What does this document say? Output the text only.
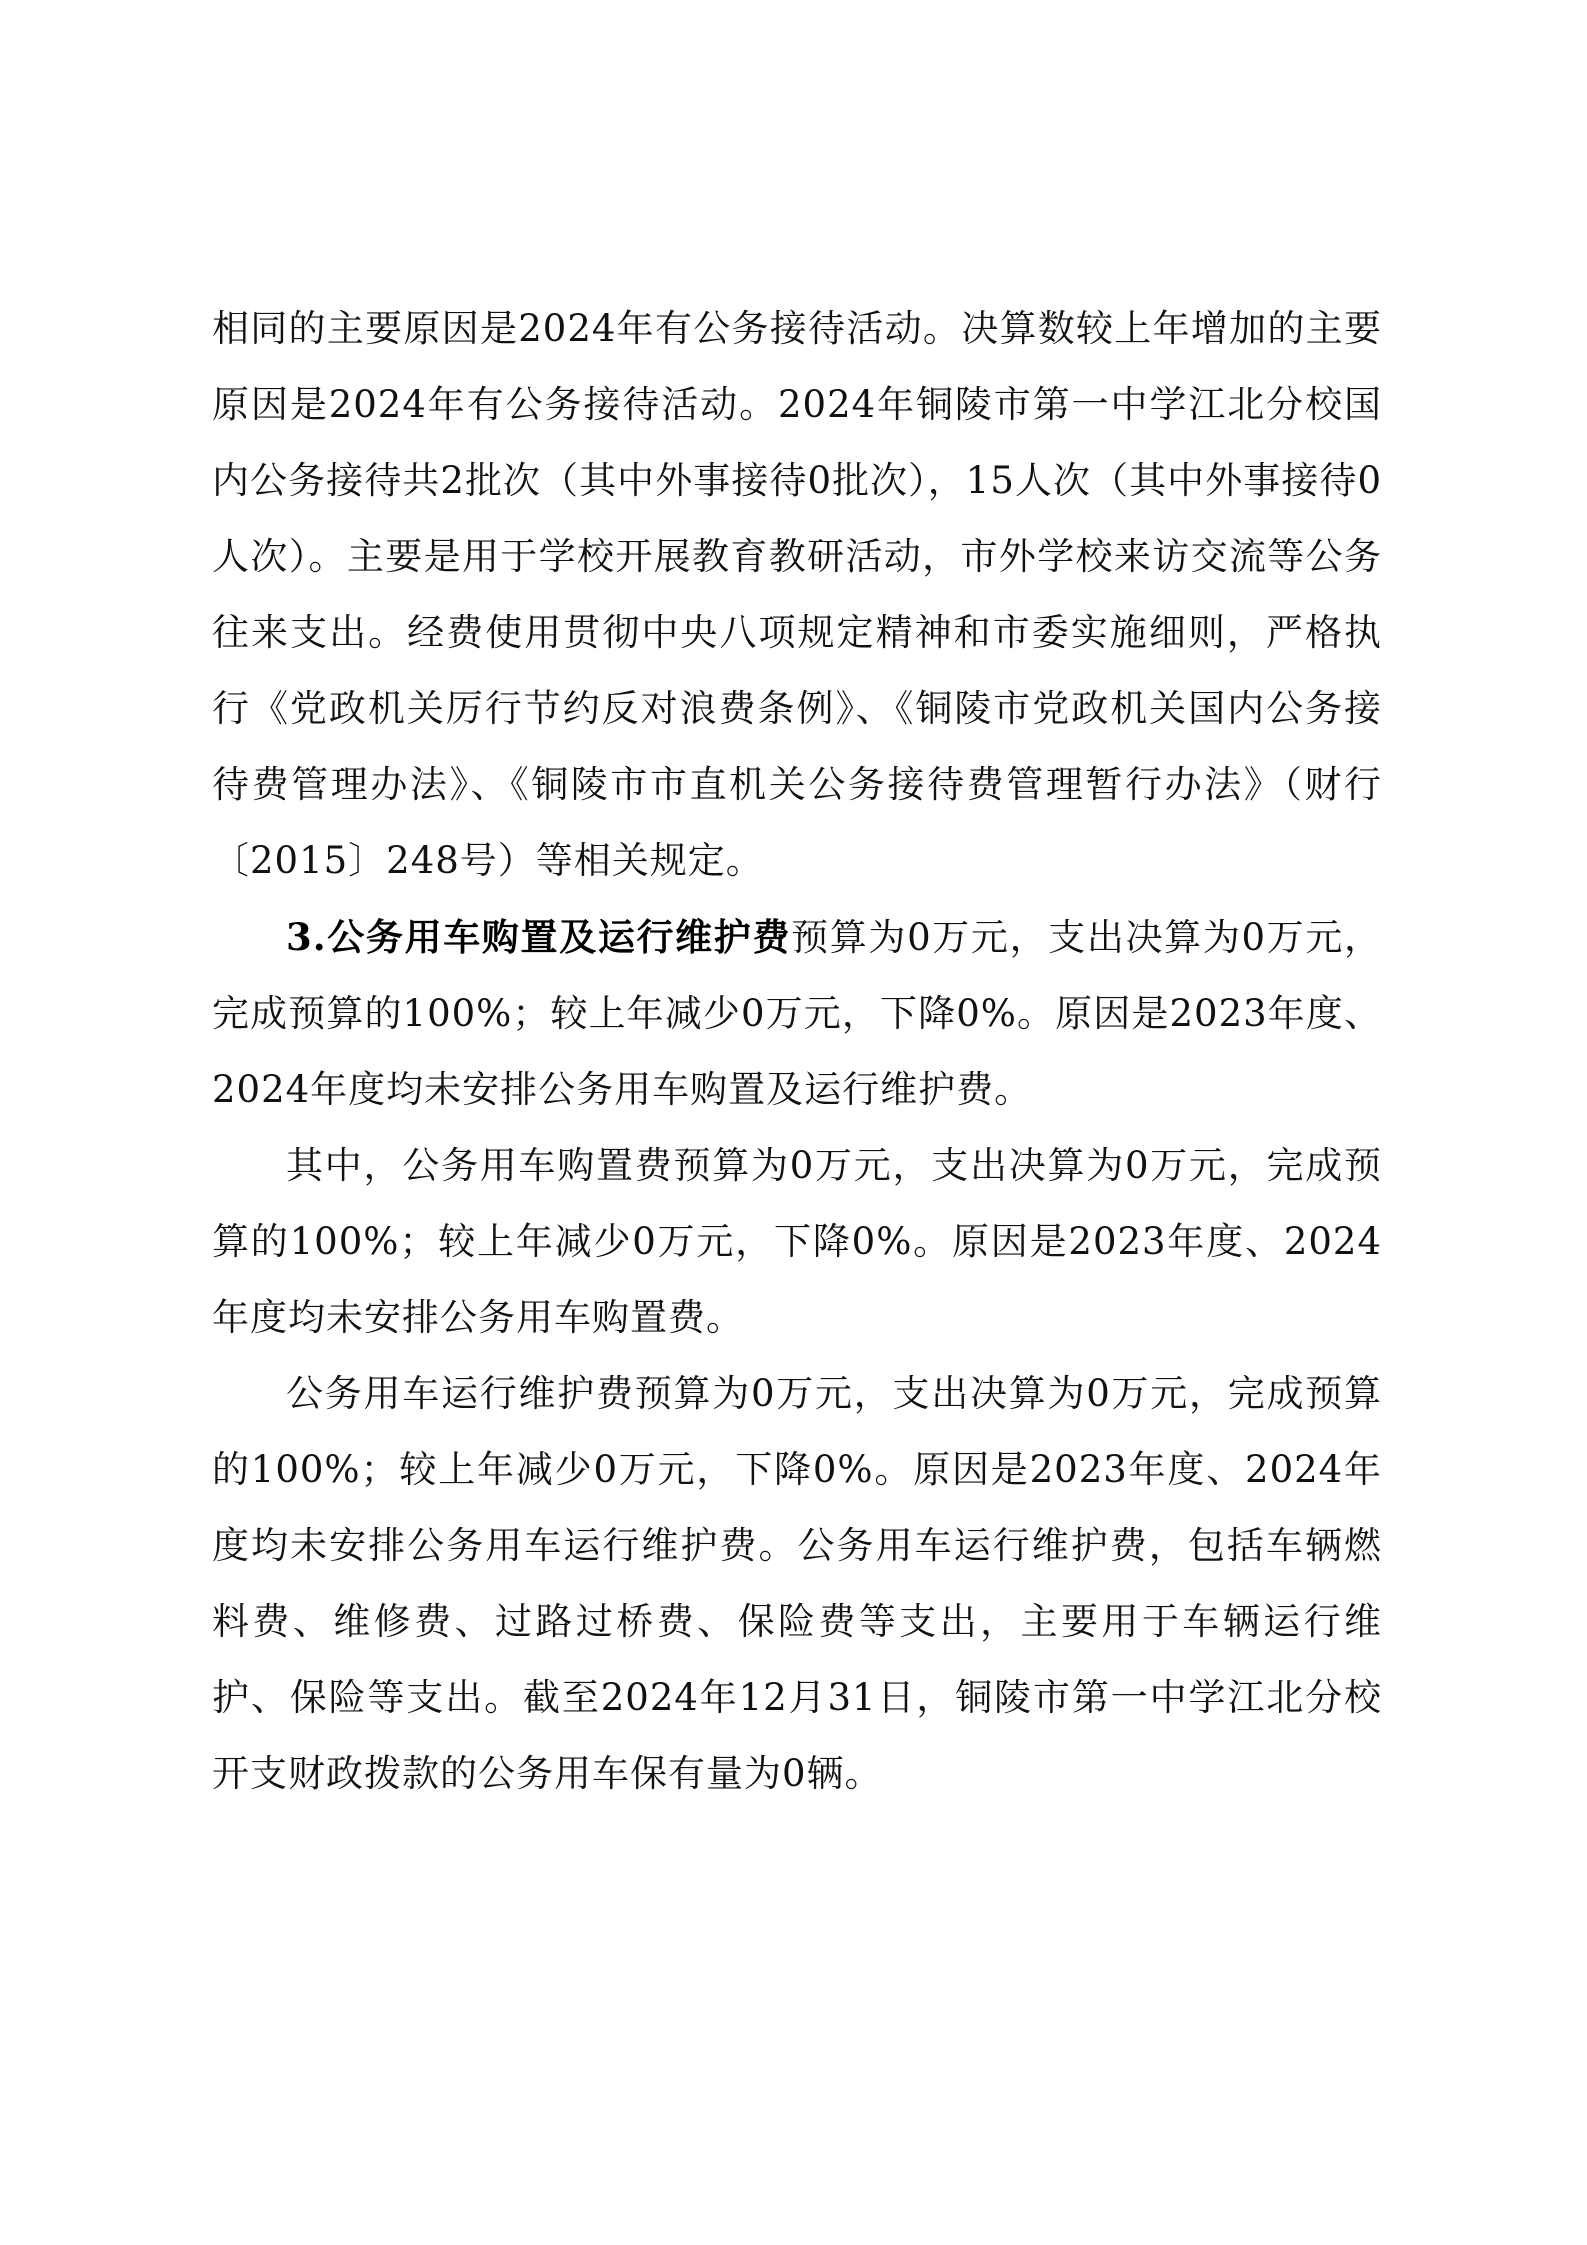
相同的主要原因是2024年有公务接待活动。决算数较上年增加的主要原因是2024年有公务接待活动。2024年铜陵市第一中学江北分校国内公务接待共2批次（其中外事接待0批次），15人次（其中外事接待0人次）。主要是用于学校开展教育教研活动，市外学校来访交流等公务往来支出。经费使用贯彻中央八项规定精神和市委实施细则，严格执行《党政机关厉行节约反对浪费条例》、《铜陵市党政机关国内公务接待费管理办法》、《铜陵市市直机关公务接待费管理暂行办法》（财行〔2015〕248号）等相关规定。

3.公务用车购置及运行维护费预算为0万元，支出决算为0万元，完成预算的100%；较上年减少0万元，下降0%。原因是2023年度、2024年度均未安排公务用车购置及运行维护费。

其中，公务用车购置费预算为0万元，支出决算为0万元，完成预算的100%；较上年减少0万元，下降0%。原因是2023年度、2024年度均未安排公务用车购置费。

公务用车运行维护费预算为0万元，支出决算为0万元，完成预算的100%；较上年减少0万元，下降0%。原因是2023年度、2024年度均未安排公务用车运行维护费。公务用车运行维护费，包括车辆燃料费、维修费、过路过桥费、保险费等支出，主要用于车辆运行维护、保险等支出。截至2024年12月31日，铜陵市第一中学江北分校开支财政拨款的公务用车保有量为0辆。
